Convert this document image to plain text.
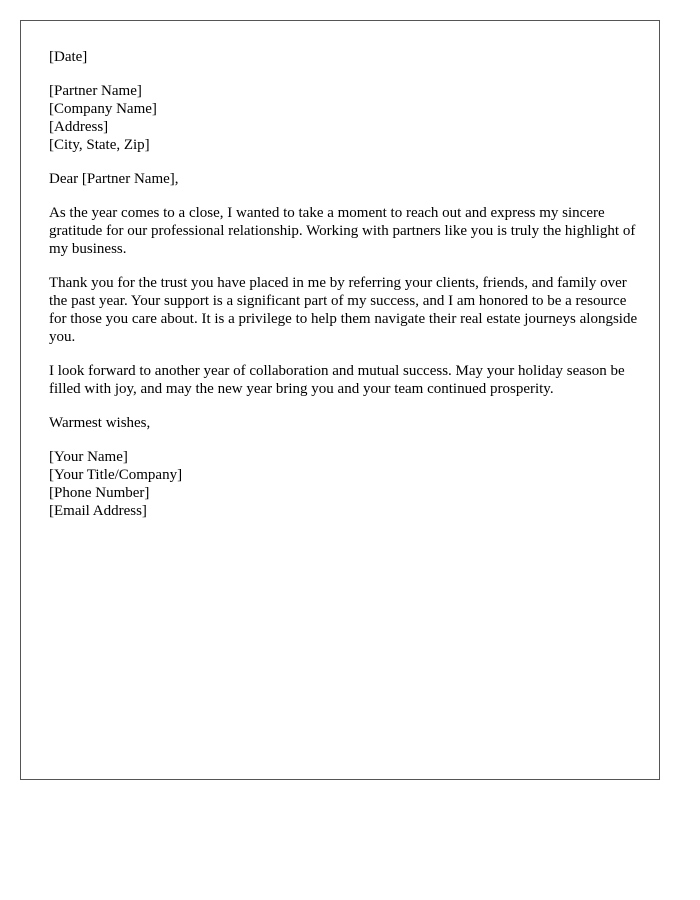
[Date]
[Partner Name]
[Company Name]
[Address]
[City, State, Zip]
Dear [Partner Name],

As the year comes to a close, I wanted to take a moment to reach out and express my sincere gratitude for our professional relationship. Working with partners like you is truly the highlight of my business.

Thank you for the trust you have placed in me by referring your clients, friends, and family over the past year. Your support is a significant part of my success, and I am honored to be a resource for those you care about. It is a privilege to help them navigate their real estate journeys alongside you.

I look forward to another year of collaboration and mutual success. May your holiday season be filled with joy, and may the new year bring you and your team continued prosperity.

Warmest wishes,
[Your Name]
[Your Title/Company]
[Phone Number]
[Email Address]
